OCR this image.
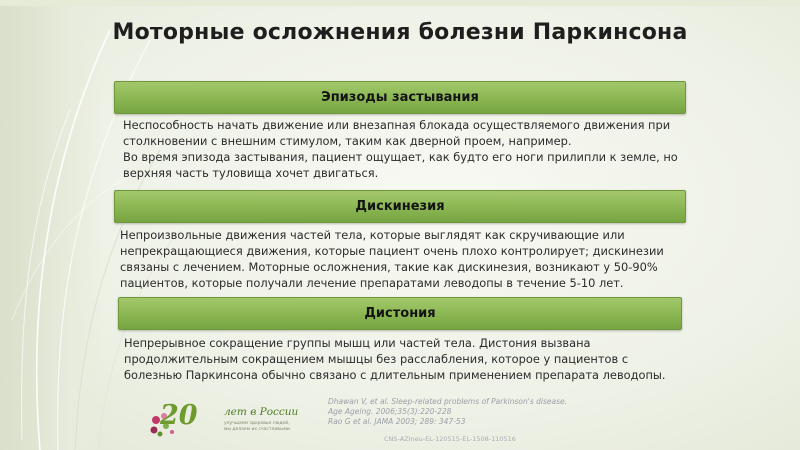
Моторные осложнения болезни Паркинсона
Эпизоды застывания

Неспособность начать движение или внезапная блокада осуществляемого движения при

столкновении с внешним стимулом, таким как дверной проем, например.

Во время эпизода застывания, пациент ощущает, как будто его ноги прилипли к земле, но

верхняя часть туловища хочет двигаться.

Дискинезия

Непроизвольные движения частей тела, которые выглядят как скручивающие или

непрекращающиеся движения, которые пациент очень плохо контролирует; дискинезии

связаны с лечением. Моторные осложнения, такие как дискинезия, возникают у 50-90%

пациентов, которые получали лечение препаратами леводопы в течение 5-10 лет.

Дистония

Непрерывное сокращение группы мышц или частей тела. Дистония вызвана

продолжительным сокращением мышцы без расслабления, которое у пациентов с

болезнью Паркинсона обычно связано с длительным применением препарата леводопы.

20	лет в России
улучшаем здоровье людей,
мы делаем их счастливыми
Dhawan V, et al. Sleep-related problems of Parkinson's disease.
Age Ageing. 2006;35(3):220-228
Rao G et al. JAMA 2003; 289: 347-53
CNS-AZIneu-EL-120515-EL-1508-110516
